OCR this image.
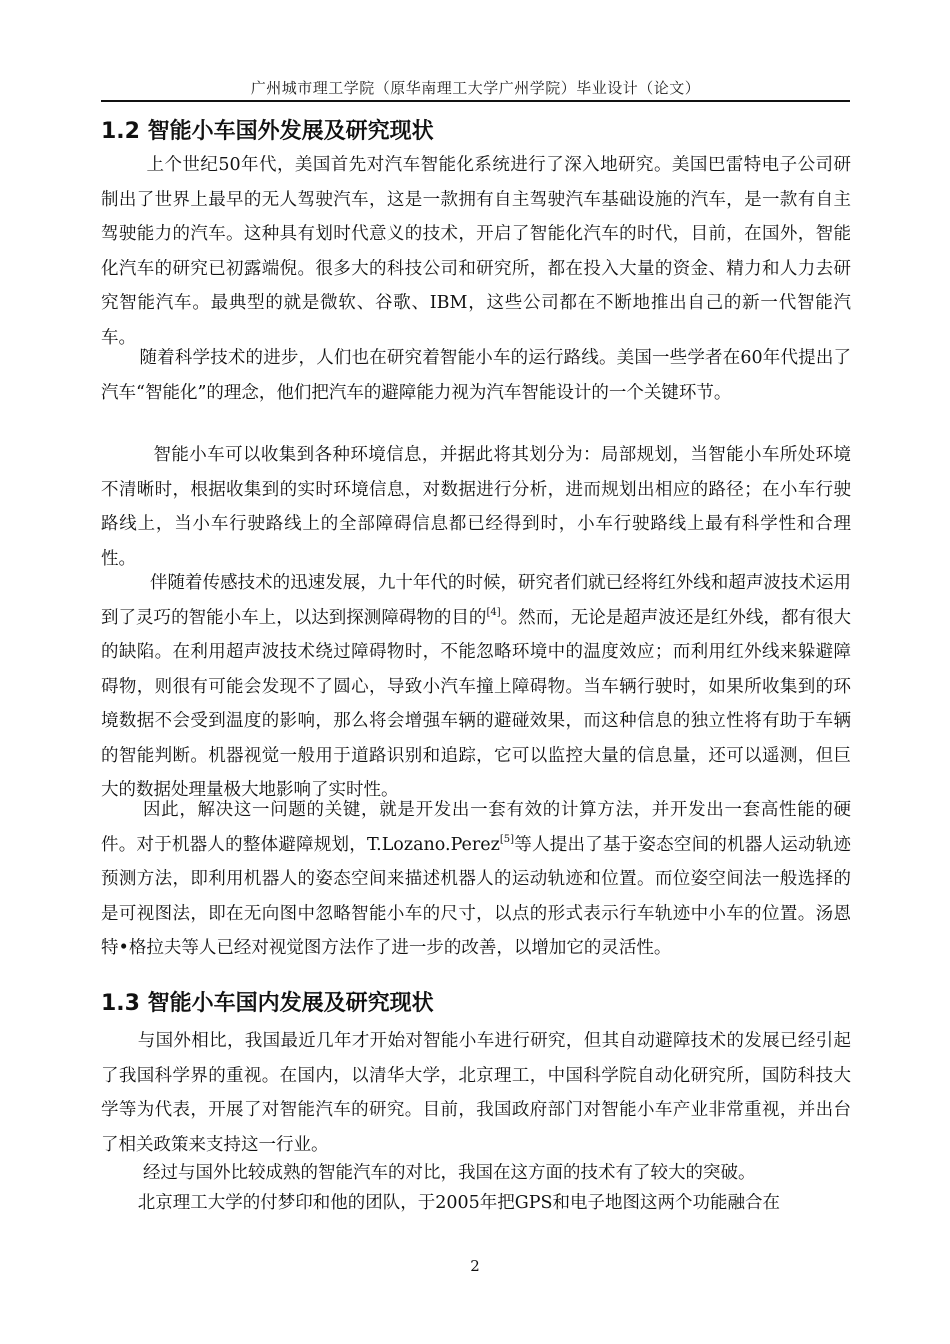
广州城市理工学院（原华南理工大学广州学院）毕业设计（论文）
1.2 智能小车国外发展及研究现状

上个世纪50年代，美国首先对汽车智能化系统进行了深入地研究。美国巴雷特电子公司研制出了世界上最早的无人驾驶汽车，这是一款拥有自主驾驶汽车基础设施的汽车，是一款有自主驾驶能力的汽车。这种具有划时代意义的技术，开启了智能化汽车的时代，目前，在国外，智能化汽车的研究已初露端倪。很多大的科技公司和研究所，都在投入大量的资金、精力和人力去研究智能汽车。最典型的就是微软、谷歌、IBM，这些公司都在不断地推出自己的新一代智能汽车。

随着科学技术的进步，人们也在研究着智能小车的运行路线。美国一些学者在60年代提出了汽车“智能化”的理念，他们把汽车的避障能力视为汽车智能设计的一个关键环节。

智能小车可以收集到各种环境信息，并据此将其划分为：局部规划，当智能小车所处环境不清晰时，根据收集到的实时环境信息，对数据进行分析，进而规划出相应的路径；在小车行驶路线上，当小车行驶路线上的全部障碍信息都已经得到时，小车行驶路线上最有科学性和合理性。

伴随着传感技术的迅速发展，九十年代的时候，研究者们就已经将红外线和超声波技术运用到了灵巧的智能小车上，以达到探测障碍物的目的[4]。然而，无论是超声波还是红外线，都有很大的缺陷。在利用超声波技术绕过障碍物时，不能忽略环境中的温度效应；而利用红外线来躲避障碍物，则很有可能会发现不了圆心，导致小汽车撞上障碍物。当车辆行驶时，如果所收集到的环境数据不会受到温度的影响，那么将会增强车辆的避碰效果，而这种信息的独立性将有助于车辆的智能判断。机器视觉一般用于道路识别和追踪，它可以监控大量的信息量，还可以遥测，但巨大的数据处理量极大地影响了实时性。

因此，解决这一问题的关键，就是开发出一套有效的计算方法，并开发出一套高性能的硬件。对于机器人的整体避障规划，T.Lozano.Perez[5]等人提出了基于姿态空间的机器人运动轨迹预测方法，即利用机器人的姿态空间来描述机器人的运动轨迹和位置。而位姿空间法一般选择的是可视图法，即在无向图中忽略智能小车的尺寸，以点的形式表示行车轨迹中小车的位置。汤恩特•格拉夫等人已经对视觉图方法作了进一步的改善，以增加它的灵活性。

1.3 智能小车国内发展及研究现状

与国外相比，我国最近几年才开始对智能小车进行研究，但其自动避障技术的发展已经引起了我国科学界的重视。在国内，以清华大学，北京理工，中国科学院自动化研究所，国防科技大学等为代表，开展了对智能汽车的研究。目前，我国政府部门对智能小车产业非常重视，并出台了相关政策来支持这一行业。

经过与国外比较成熟的智能汽车的对比，我国在这方面的技术有了较大的突破。

北京理工大学的付梦印和他的团队，于2005年把GPS和电子地图这两个功能融合在

2
